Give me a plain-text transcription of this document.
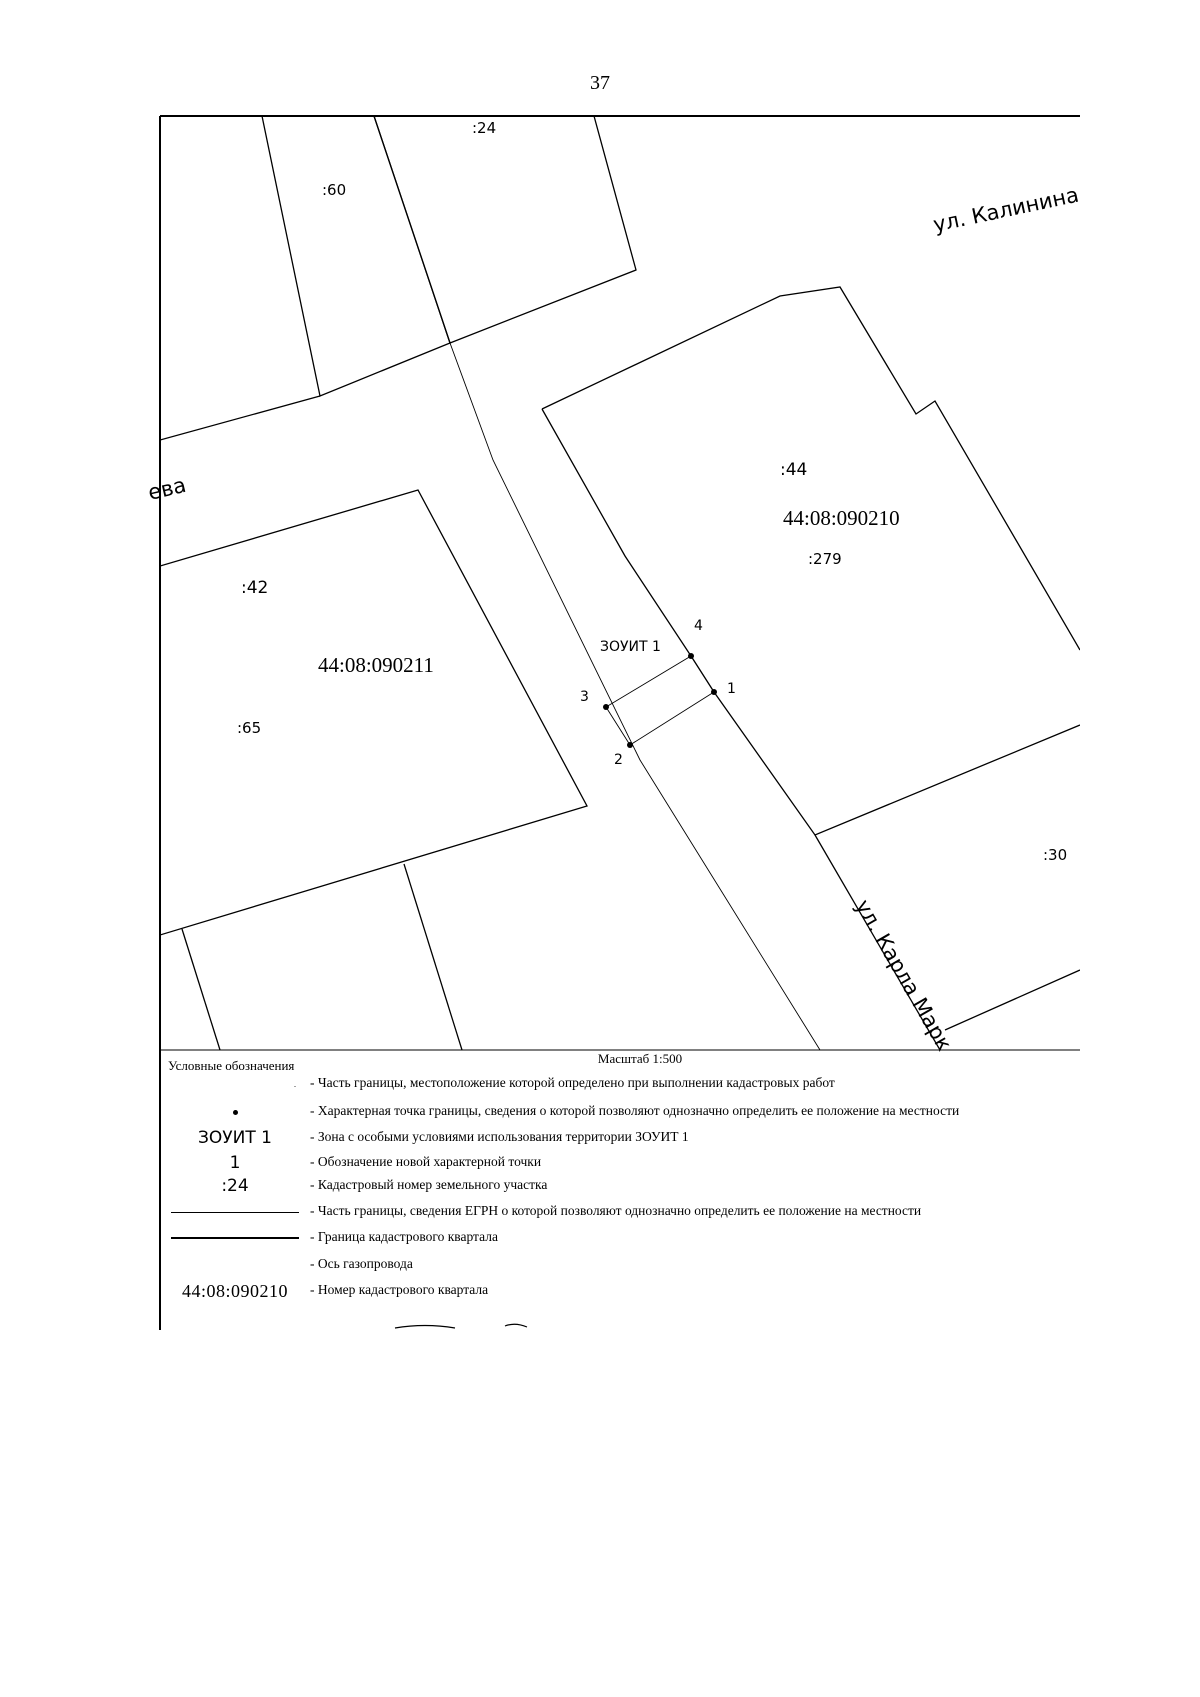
37
:24
:60	ул. Калинина
ева
:44
44:08:090210
:279
:42
44:08:090211
:65
:30
ЗОУИТ 1
1
2
3
4
ул. Карла Марк
Масштаб 1:500
Условные обозначения
. - Часть границы, местоположение которой определено при выполнении кадастровых работ
- Характерная точка границы, сведения о которой позволяют однозначно определить ее положение на местности
ЗОУИТ 1	- Зона с особыми условиями использования территории ЗОУИТ 1
1	- Обозначение новой характерной точки
:24	- Кадастровый номер земельного участка
- Часть границы, сведения ЕГРН о которой позволяют однозначно определить ее положение на местности
- Граница кадастрового квартала
- Ось газопровода
44:08:090210 - Номер кадастрового квартала
